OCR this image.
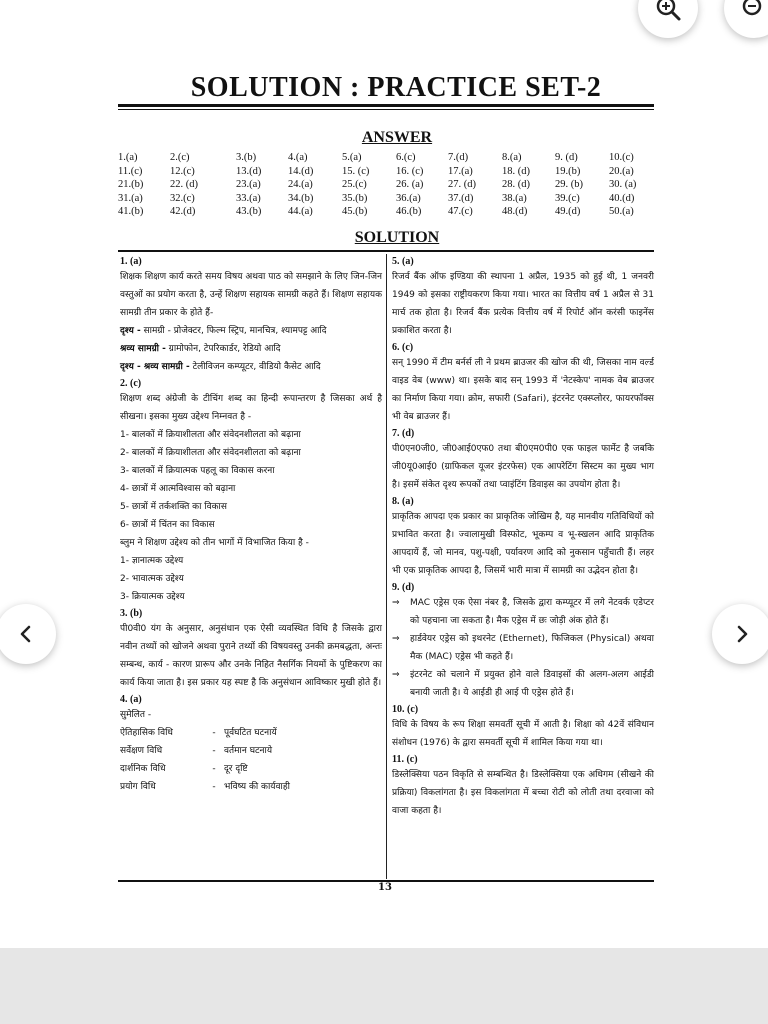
SOLUTION : PRACTICE SET-2
ANSWER
1.(a)	2.(c)	3.(b)	4.(a)	5.(a)	6.(c)	7.(d)	8.(a)	9. (d)	10.(c)
11.(c)	12.(c)	13.(d)	14.(d)	15. (c)	16. (c) 17.(a)	18. (d) 19.(b)	20.(a)
21.(b)	22. (d)	23.(a)	24.(a)	25.(c)	26. (a) 27. (d) 28. (d) 29. (b) 30. (a)
31.(a)	32.(c)	33.(a)	34.(b)	35.(b)	36.(a)	37.(d)	38.(a)	39.(c)	40.(d)
41.(b)	42.(d)	43.(b)	44.(a)	45.(b)	46.(b)	47.(c)	48.(d)	49.(d)	50.(a)
SOLUTION
1. (a)
शिक्षक शिक्षण कार्य करते समय विषय अथवा पाठ को समझाने के लिए जिन-जिन वस्तुओं का प्रयोग करता है, उन्हें शिक्षण सहायक सामग्री कहते हैं। शिक्षण सहायक सामग्री तीन प्रकार के होते हैं-
दृश्य - सामग्री - प्रोजेक्टर, फिल्म स्ट्रिप, मानचित्र, श्यामपट्ट आदि
श्रव्य सामग्री - ग्रामोफोन, टेपरिकार्डर, रेडियो आदि
दृश्य - श्रव्य सामग्री - टेलीविजन कम्प्यूटर, वीडियो कैसेट आदि
2. (c)
शिक्षण शब्द अंग्रेजी के टीचिंग शब्द का हिन्दी रूपान्तरण है जिसका अर्थ है सीखना। इसका मुख्य उद्देश्य निम्नवत है -
1- बालकों में क्रियाशीलता और संवेदनशीलता को बढ़ाना
2- बालकों में क्रियाशीलता और संवेदनशीलता को बढ़ाना
3- बालकों में क्रियात्मक पहलू का विकास करना
4- छात्रों में आत्मविश्वास को बढ़ाना
5- छात्रों में तर्कशक्ति का विकास
6- छात्रों में चिंतन का विकास
ब्लुम ने शिक्षण उद्देश्य को तीन भागों में विभाजित किया है -
1- ज्ञानात्मक उद्देश्य
2- भावात्मक उद्देश्य
3- क्रियात्मक उद्देश्य
3. (b)
पी0वी0 यंग के अनुसार, अनुसंधान एक ऐसी व्यवस्थित विधि है जिसके द्वारा नवीन तथ्यों को खोजने अथवा पुराने तथ्यों की विषयवस्तु उनकी क्रमबद्धता, अन्तः सम्बन्ध, कार्य - कारण प्रारूप और उनके निहित नैसर्गिक नियमों के पुष्टिकरण का कार्य किया जाता है। इस प्रकार यह स्पष्ट है कि अनुसंधान आविष्कार मुखी होते हैं।
4. (a)
सुमेलित -
ऐतिहासिक विधि	- पूर्वघटित घटनायें
सर्वेक्षण विधि	- वर्तमान घटनाये
दार्शनिक विधि	- दूर दृष्टि
प्रयोग विधि	- भविष्य की कार्यवाही
5. (a)
रिजर्व बैंक ऑफ इण्डिया की स्थापना 1 अप्रैल, 1935 को हुई थी, 1 जनवरी 1949 को इसका राष्ट्रीयकरण किया गया। भारत का वित्तीय वर्ष 1 अप्रैल से 31 मार्च तक होता है। रिजर्व बैंक प्रत्येक वित्तीय वर्ष में रिपोर्ट ऑन करंसी फाइनेंस प्रकाशित करता है।
6. (c)
सन् 1990 में टीम बर्नर्स ली ने प्रथम ब्राउजर की खोज की थी, जिसका नाम वर्ल्ड वाइड वेब (www) था। इसके बाद सन् 1993 में 'नेटस्केप' नामक वेब ब्राउजर का निर्माण किया गया। क्रोम, सफारी (Safari), इंटरनेट एक्स्प्लोरर, फायरफॉक्स भी वेब ब्राउजर हैं।
7. (d)
पी0एन0जी0, जी0आई0एफ0 तथा बी0एम0पी0 एक फाइल फार्मेट है जबकि जी0यू0आई0 (ग्राफिकल यूजर इंटरफेस) एक आपरेटिंग सिस्टम का मुख्य भाग है। इसमें संकेत दृश्य रूपकों तथा प्वाइंटिंग डिवाइस का उपयोग होता है।
8. (a)
प्राकृतिक आपदा एक प्रकार का प्राकृतिक जोखिम है, यह मानवीय गतिविधियों को प्रभावित करता है। ज्वालामुखी विस्फोट, भूकम्प व भू-स्खलन आदि प्राकृतिक आपदायें हैं, जो मानव, पशु-पक्षी, पर्यावरण आदि को नुकसान पहुँचाती हैं। लहर भी एक प्राकृतिक आपदा है, जिसमें भारी मात्रा में सामग्री का उद्भेदन होता है।
9. (d)
⇒ MAC एड्रेस एक ऐसा नंबर है, जिसके द्वारा कम्प्यूटर में लगे नेटवर्क एडेप्टर को पहचाना जा सकता है। मैक एड्रेस में छः जोड़ी अंक होते हैं।
⇒ हार्डवेयर एड्रेस को इथरनेट (Ethernet), फिजिकल (Physical) अथवा मैक (MAC) एड्रेस भी कहते हैं।
⇒ इंटरनेट को चलाने में प्रयुक्त होने वाले डिवाइसों की अलग-अलग आईडी बनायी जाती है। ये आईडी ही आई पी एड्रेस होते हैं।
10. (c)
विधि के विषय के रूप शिक्षा समवर्ती सूची में आती है। शिक्षा को 42वें संविधान संशोधन (1976) के द्वारा समवर्ती सूची में शामिल किया गया था।
11. (c)
डिस्लेक्सिया पठन विकृति से सम्बन्धित है। डिस्लेक्सिया एक अधिगम (सीखने की प्रक्रिया) विकलांगता है। इस विकलांगता में बच्चा रोटी को लोती तथा दरवाजा को वाजा कहता है।
13
